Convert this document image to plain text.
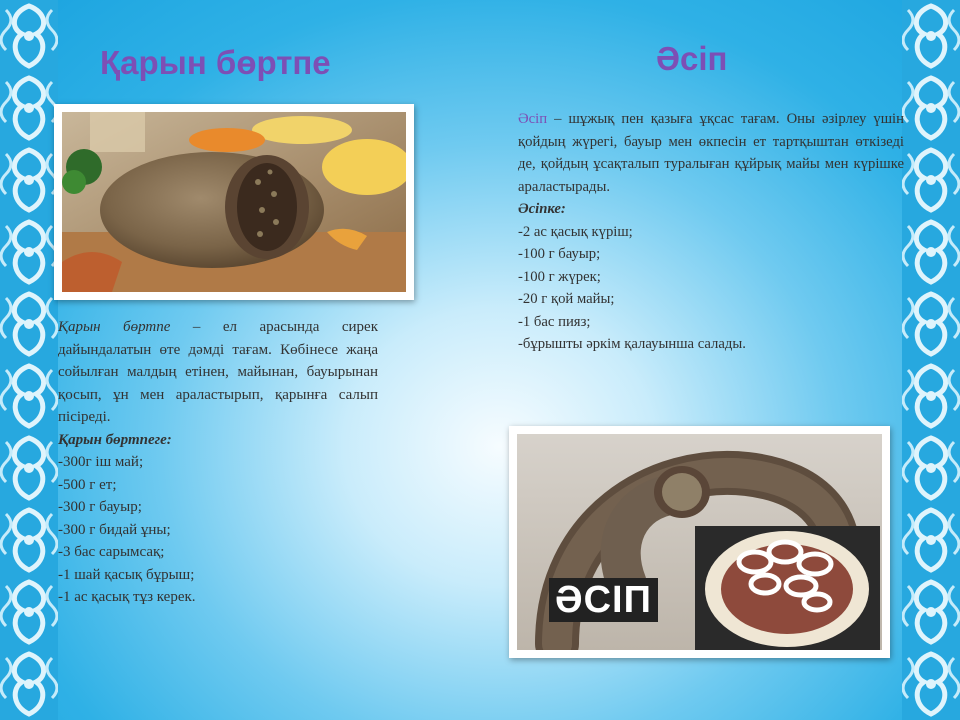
Қарын бөртпе	Әсіп
ӘСІП

Қарын бөртпе – ел арасында сирек дайындалатын өте дәмді тағам. Көбінесе жаңа сойылған малдың етінен, майынан, бауырынан қосып, ұн мен араластырып, қарынға салып пісіреді.

Қарын бөртпеге:

-300г іш май;
-500 г ет;
-300 г бауыр;
-300 г бидай ұны;
-3 бас сарымсақ;
-1 шай қасық бұрыш;
-1 ас қасық тұз керек.

Әсіп – шұжық пен қазыға ұқсас тағам. Оны әзірлеу үшін қойдың жүрегі, бауыр мен өкпесін ет тартқыштан өткізеді де, қойдың ұсақталып туралыған құйрық майы мен күрішке араластырады.

Әсіпке:

-2 ас қасық күріш;
-100 г бауыр;
-100 г жүрек;
-20 г қой майы;
-1 бас пияз;
-бұрышты әркім қалауынша салады.
